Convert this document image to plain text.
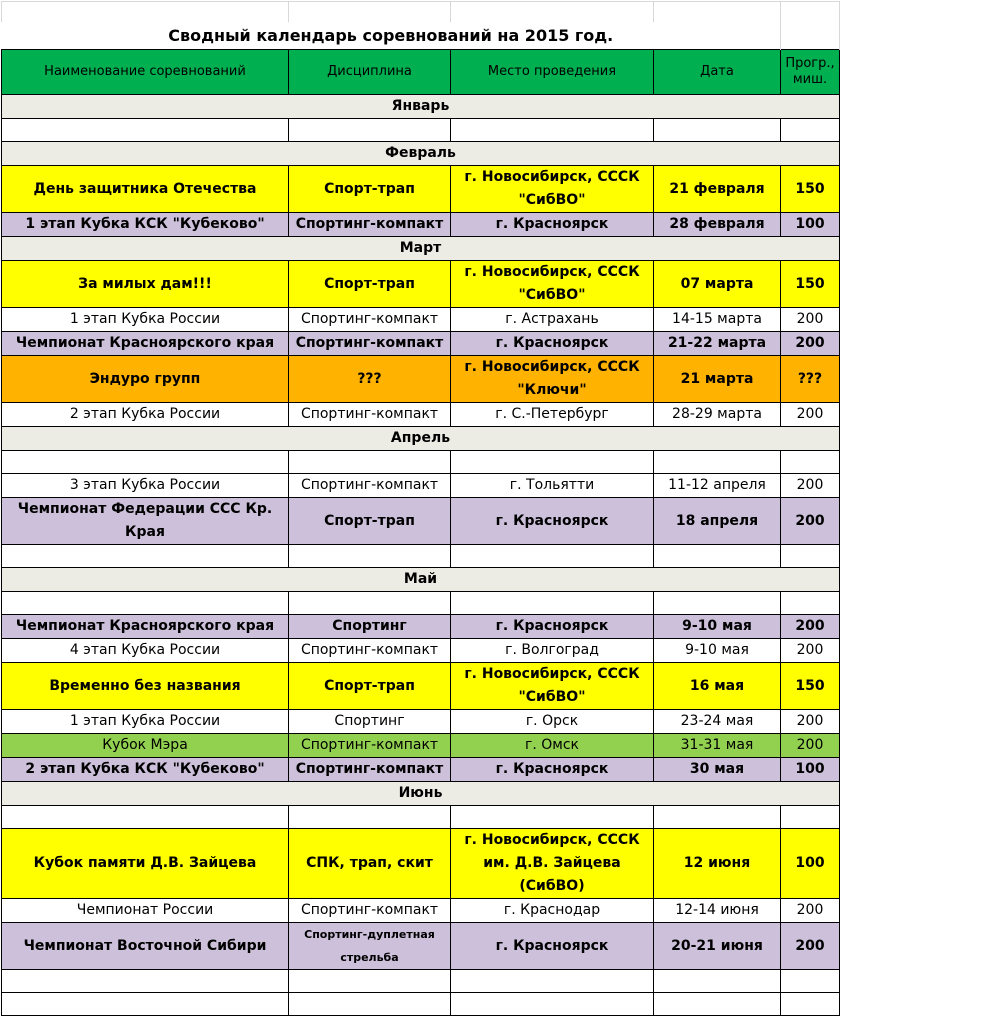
Сводный календарь соревнований на 2015 год.				
Наименование соревнований	Дисциплина	Место проведения	Дата	Прогр., миш.
Январь				

Февраль				
День защитника Отечества	Спорт-трап	г. Новосибирск, СССК "СибВО"	21 февраля	150
1 этап Кубка КСК "Кубеково"	Спортинг-компакт	г. Красноярск	28 февраля	100
Март				
За милых дам!!!	Спорт-трап	г. Новосибирск, СССК "СибВО"	07 марта	150
1 этап Кубка России	Спортинг-компакт	г. Астрахань	14-15 марта	200
Чемпионат Красноярского края	Спортинг-компакт	г. Красноярск	21-22 марта	200
Эндуро групп	???	г. Новосибирск, СССК "Ключи"	21 марта	???
2 этап Кубка России	Спортинг-компакт	г. С.-Петербург	28-29 марта	200
Апрель				

3 этап Кубка России	Спортинг-компакт	г. Тольятти	11-12 апреля	200
Чемпионат Федерации ССС Кр. Края	Спорт-трап	г. Красноярск	18 апреля	200

Май				

Чемпионат Красноярского края	Спортинг	г. Красноярск	9-10 мая	200
4 этап Кубка России	Спортинг-компакт	г. Волгоград	9-10 мая	200
Временно без названия	Спорт-трап	г. Новосибирск, СССК "СибВО"	16 мая	150
1 этап Кубка России	Спортинг	г. Орск	23-24 мая	200
Кубок Мэра	Спортинг-компакт	г. Омск	31-31 мая	200
2 этап Кубка КСК "Кубеково"	Спортинг-компакт	г. Красноярск	30 мая	100
Июнь				

Кубок памяти Д.В. Зайцева	СПК, трап, скит	г. Новосибирск, СССК им. Д.В. Зайцева (СибВО)	12 июня	100
Чемпионат России	Спортинг-компакт	г. Краснодар	12-14 июня	200
Чемпионат Восточной Сибири	Спортинг-дуплетная стрельба	г. Красноярск	20-21 июня	200
